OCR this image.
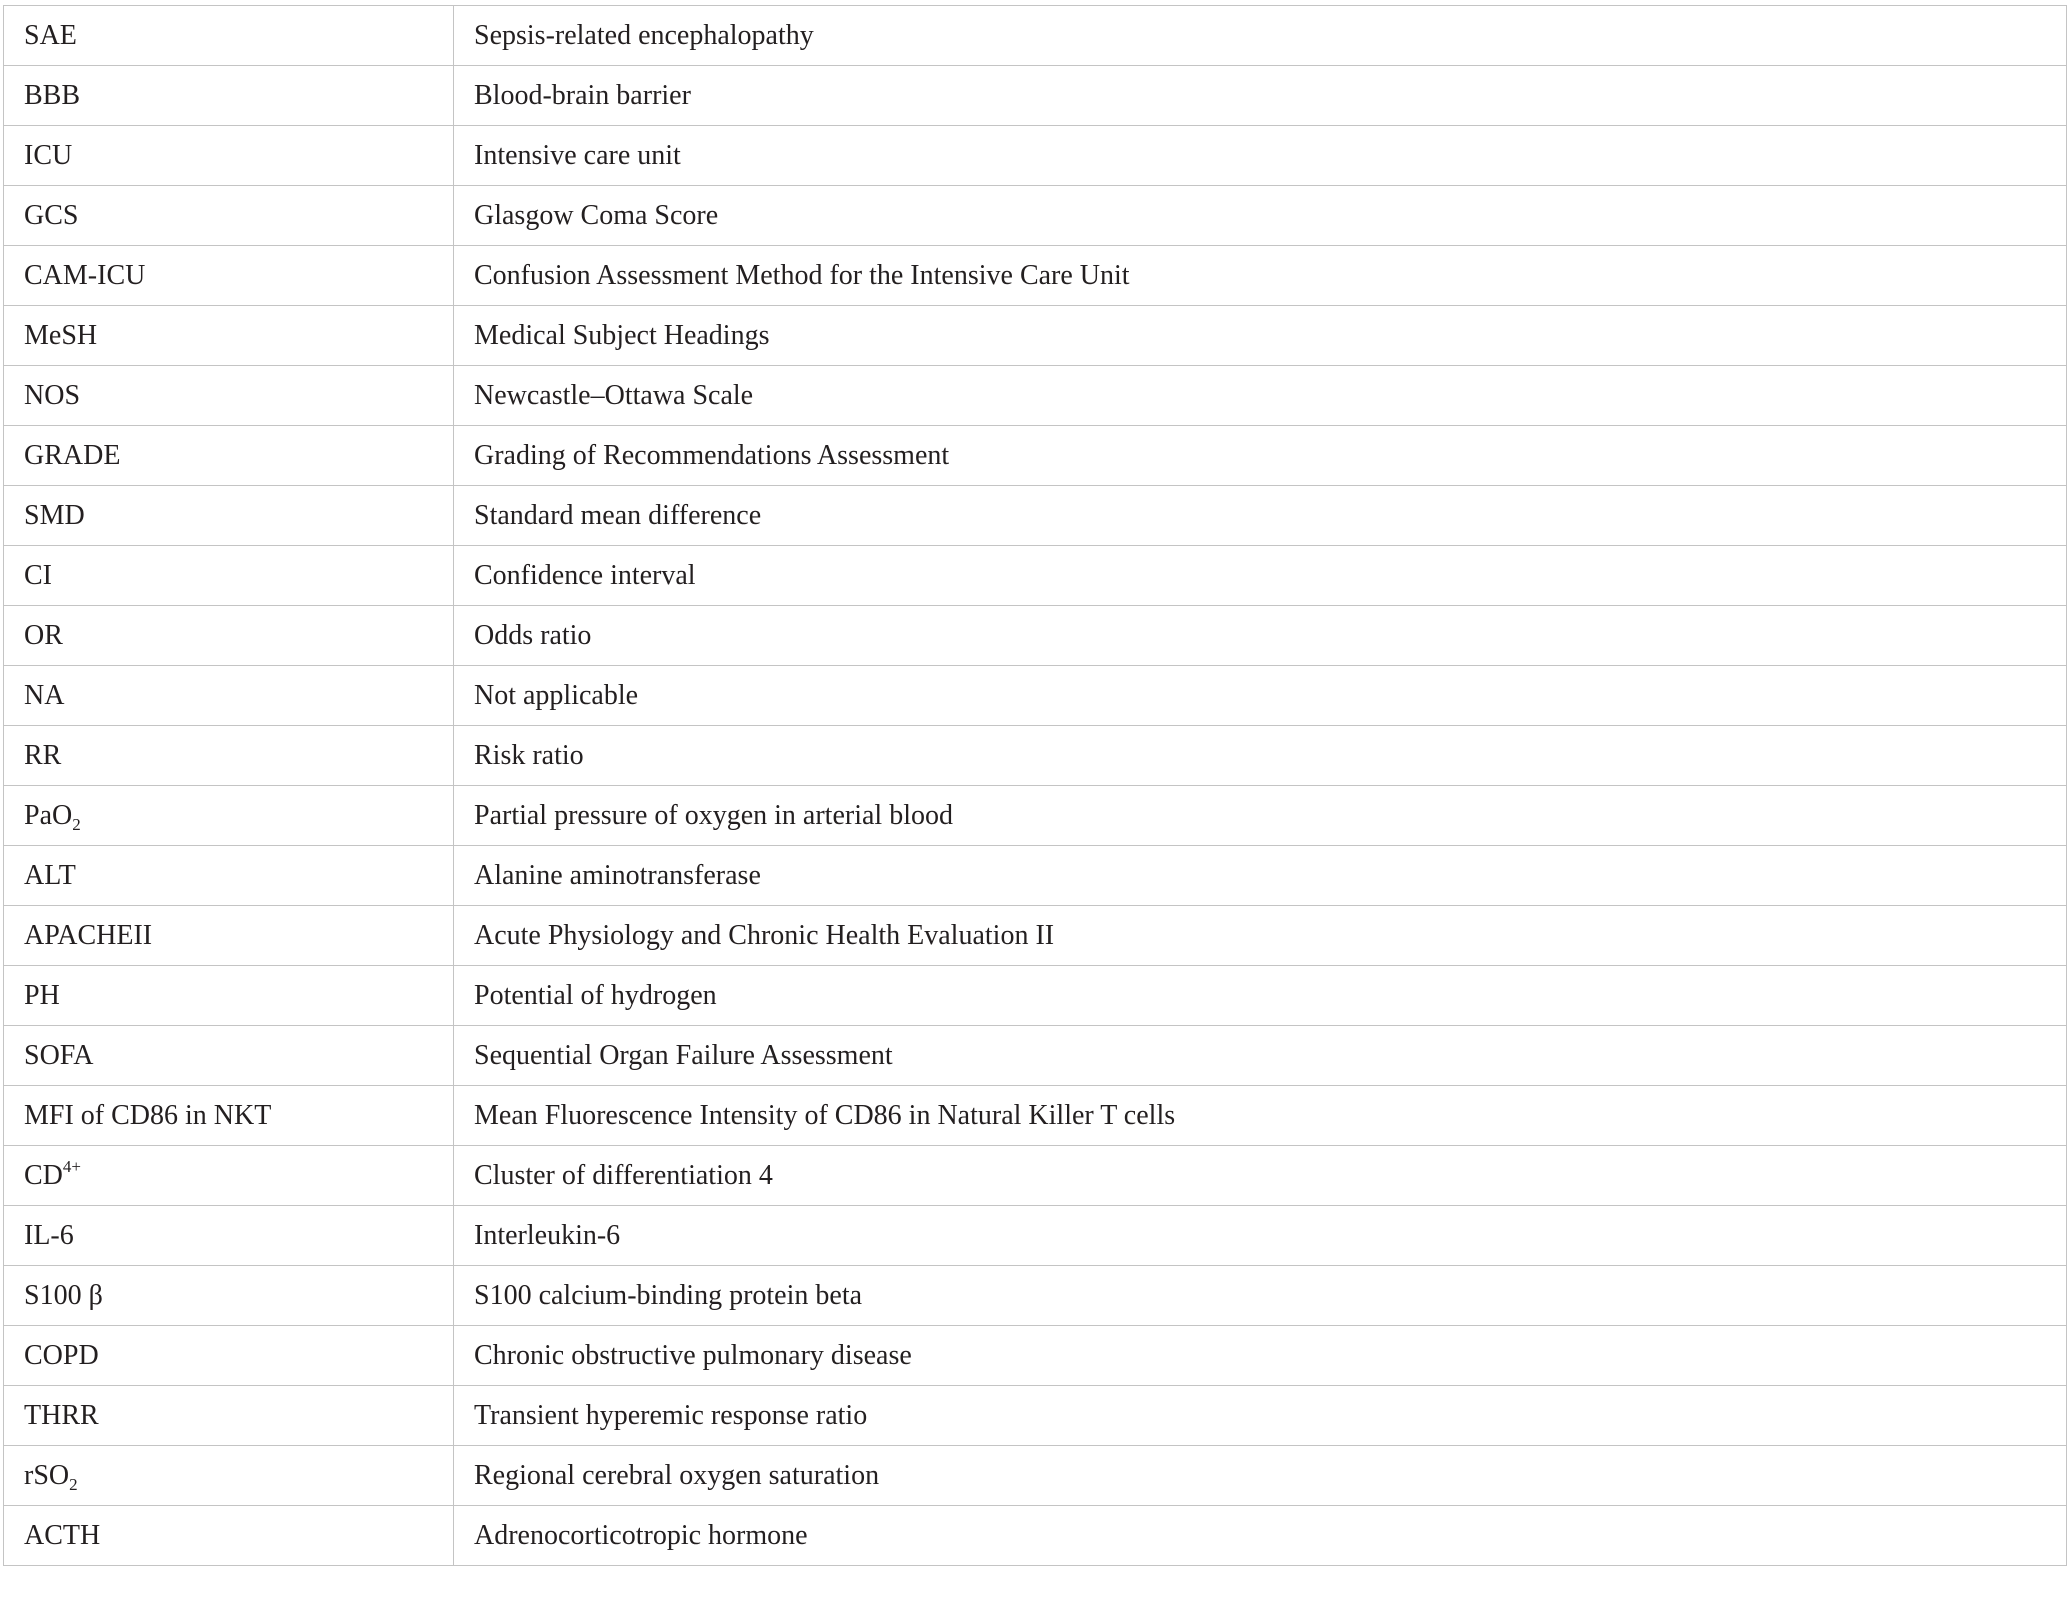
SAE	Sepsis-related encephalopathy
BBB	Blood-brain barrier
ICU	Intensive care unit
GCS	Glasgow Coma Score
CAM-ICU	Confusion Assessment Method for the Intensive Care Unit
MeSH	Medical Subject Headings
NOS	Newcastle–Ottawa Scale
GRADE	Grading of Recommendations Assessment
SMD	Standard mean difference
CI	Confidence interval
OR	Odds ratio
NA	Not applicable
RR	Risk ratio
PaO$_2$	Partial pressure of oxygen in arterial blood
ALT	Alanine aminotransferase
APACHEII	Acute Physiology and Chronic Health Evaluation II
PH	Potential of hydrogen
SOFA	Sequential Organ Failure Assessment
MFI of CD86 in NKT	Mean Fluorescence Intensity of CD86 in Natural Killer T cells
$CD^{4+}$	Cluster of differentiation 4
IL-6	Interleukin-6
S100 β	S100 calcium-binding protein beta
COPD	Chronic obstructive pulmonary disease
THRR	Transient hyperemic response ratio
rSO$_2$	Regional cerebral oxygen saturation
ACTH	Adrenocorticotropic hormone
